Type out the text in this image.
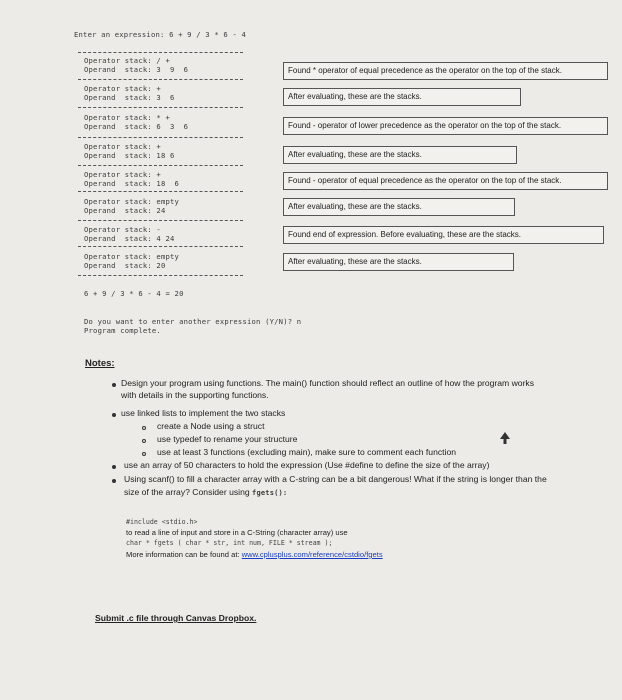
Enter an expression: 6 + 9 / 3 * 6 - 4
Operator stack: / +
Operand  stack: 3  9  6
Operator stack: +
Operand  stack: 3  6
Operator stack: * +
Operand  stack: 6  3  6
Operator stack: +
Operand  stack: 18 6
Operator stack: +
Operand  stack: 18  6
Operator stack: empty
Operand  stack: 24
Operator stack: -
Operand  stack: 4 24
Operator stack: empty
Operand  stack: 20
Found * operator of equal precedence as the operator on the top of the stack.
After evaluating, these are the stacks.
Found - operator of lower precedence as the operator on the top of the stack.
After evaluating, these are the stacks.
Found - operator of equal precedence as the operator on the top of the stack.
After evaluating, these are the stacks.
Found end of expression. Before evaluating, these are the stacks.
After evaluating, these are the stacks.
6 + 9 / 3 * 6 - 4 = 20
Do you want to enter another expression (Y/N)? n
Program complete.
Notes:
Design your program using functions. The main() function should reflect an outline of how the program works
with details in the supporting functions.
use linked lists to implement the two stacks
create a Node using a struct
use typedef to rename your structure
use at least 3 functions (excluding main), make sure to comment each function
use an array of 50 characters to hold the expression (Use #define to define the size of the array)
Using scanf() to fill a character array with a C-string can be a bit dangerous! What if the string is longer than the
size of the array? Consider using fgets():
#include <stdio.h>
to read a line of input and store in a C-String (character array) use
char * fgets ( char * str, int num, FILE * stream );
More information can be found at: www.cplusplus.com/reference/cstdio/fgets
Submit .c file through Canvas Dropbox.
